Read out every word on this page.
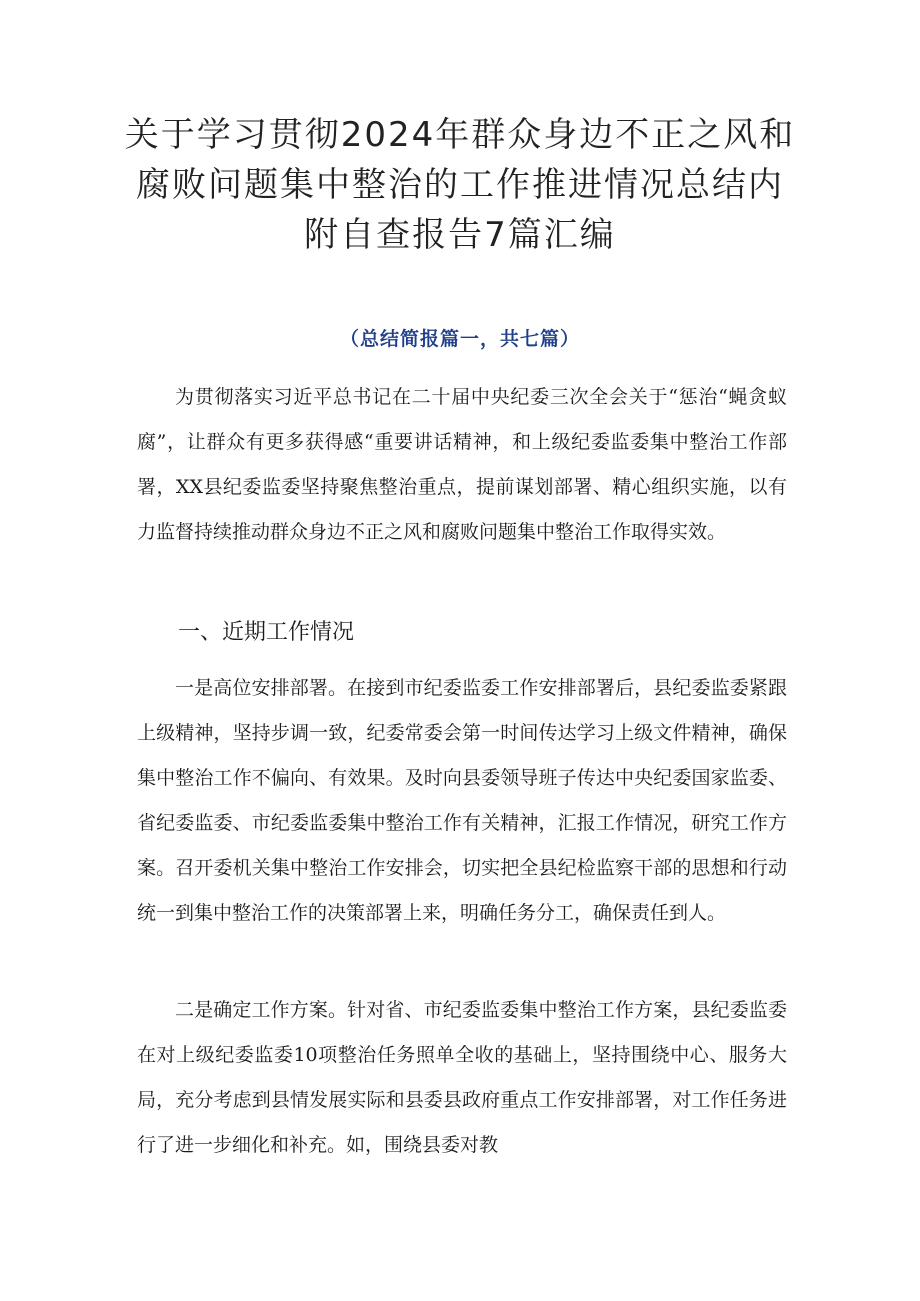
关于学习贯彻2024年群众身边不正之风和
腐败问题集中整治的工作推进情况总结内
附自查报告7篇汇编
（总结简报篇一，共七篇）

为贯彻落实习近平总书记在二十届中央纪委三次全会关于“惩治“蝇贪蚁腐”，让群众有更多获得感“重要讲话精神，和上级纪委监委集中整治工作部署，XX县纪委监委坚持聚焦整治重点，提前谋划部署、精心组织实施，以有力监督持续推动群众身边不正之风和腐败问题集中整治工作取得实效。

一、近期工作情况

一是高位安排部署。在接到市纪委监委工作安排部署后，县纪委监委紧跟上级精神，坚持步调一致，纪委常委会第一时间传达学习上级文件精神，确保集中整治工作不偏向、有效果。及时向县委领导班子传达中央纪委国家监委、省纪委监委、市纪委监委集中整治工作有关精神，汇报工作情况，研究工作方案。召开委机关集中整治工作安排会，切实把全县纪检监察干部的思想和行动统一到集中整治工作的决策部署上来，明确任务分工，确保责任到人。

二是确定工作方案。针对省、市纪委监委集中整治工作方案，县纪委监委在对上级纪委监委10项整治任务照单全收的基础上，坚持围绕中心、服务大局，充分考虑到县情发展实际和县委县政府重点工作安排部署，对工作任务进行了进一步细化和补充。如，围绕县委对教
